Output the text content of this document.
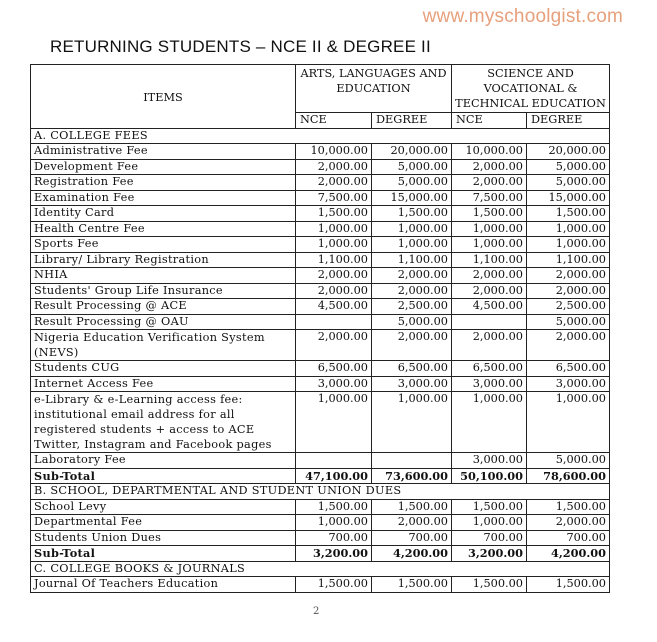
www.myschoolgist.com
RETURNING STUDENTS – NCE II & DEGREE II
ITEMS	ARTS, LANGUAGES AND EDUCATION		SCIENCE AND VOCATIONAL & TECHNICAL EDUCATION	
	NCE	DEGREE	NCE	DEGREE
A. COLLEGE FEES				
Administrative Fee	10,000.00	20,000.00	10,000.00	20,000.00
Development Fee	2,000.00	5,000.00	2,000.00	5,000.00
Registration Fee	2,000.00	5,000.00	2,000.00	5,000.00
Examination Fee	7,500.00	15,000.00	7,500.00	15,000.00
Identity Card	1,500.00	1,500.00	1,500.00	1,500.00
Health Centre Fee	1,000.00	1,000.00	1,000.00	1,000.00
Sports Fee	1,000.00	1,000.00	1,000.00	1,000.00
Library/ Library Registration	1,100.00	1,100.00	1,100.00	1,100.00
NHIA	2,000.00	2,000.00	2,000.00	2,000.00
Students' Group Life Insurance	2,000.00	2,000.00	2,000.00	2,000.00
Result Processing @ ACE	4,500.00	2,500.00	4,500.00	2,500.00
Result Processing @ OAU		5,000.00		5,000.00
Nigeria Education Verification System (NEVS)	2,000.00	2,000.00	2,000.00	2,000.00
Students CUG	6,500.00	6,500.00	6,500.00	6,500.00
Internet Access Fee	3,000.00	3,000.00	3,000.00	3,000.00
e-Library & e-Learning access fee: institutional email address for all registered students + access to ACE Twitter, Instagram and Facebook pages	1,000.00	1,000.00	1,000.00	1,000.00
Laboratory Fee			3,000.00	5,000.00
Sub-Total	47,100.00	73,600.00	50,100.00	78,600.00
B. SCHOOL, DEPARTMENTAL AND STUDENT UNION DUES				
School Levy	1,500.00	1,500.00	1,500.00	1,500.00
Departmental Fee	1,000.00	2,000.00	1,000.00	2,000.00
Students Union Dues	700.00	700.00	700.00	700.00
Sub-Total	3,200.00	4,200.00	3,200.00	4,200.00
C. COLLEGE BOOKS & JOURNALS				
Journal Of Teachers Education	1,500.00	1,500.00	1,500.00	1,500.00
2
